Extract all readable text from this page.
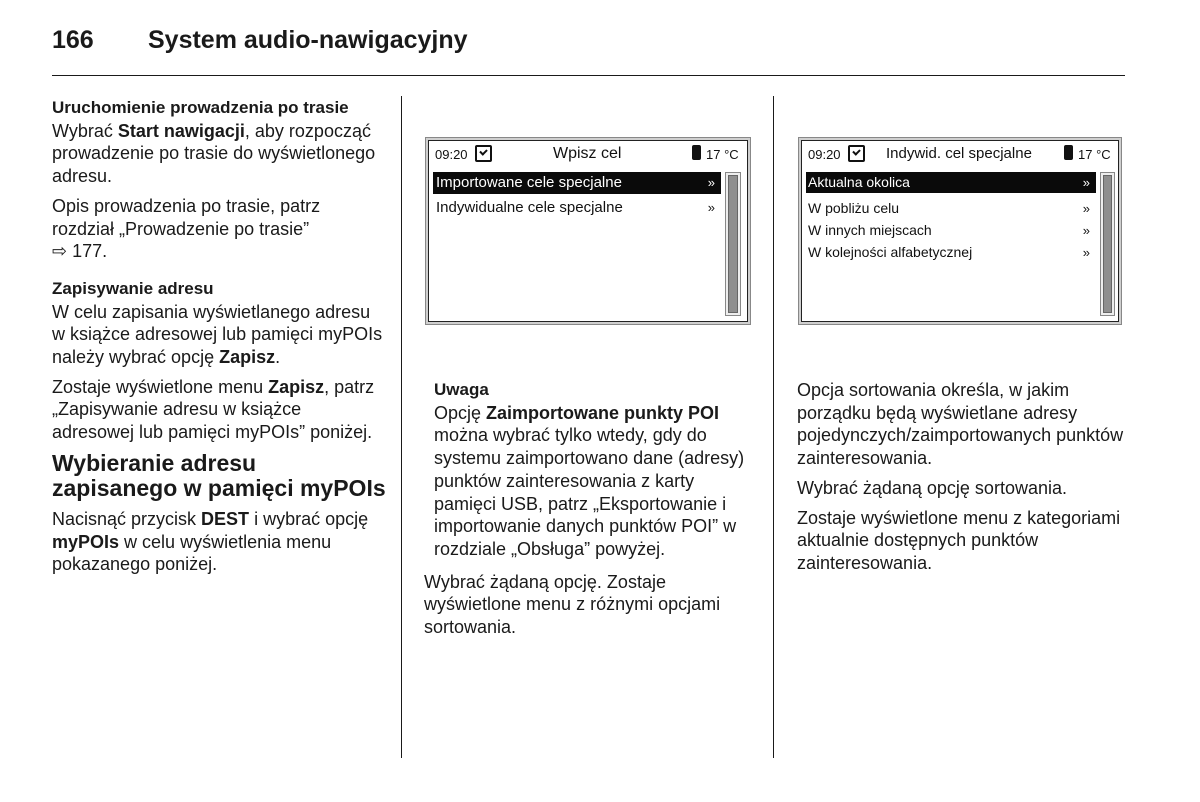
166 System audio-nawigacyjny

Uruchomienie prowadzenia po trasie

Wybrać Start nawigacji, aby rozpocząć prowadzenie po trasie do wyświetlonego adresu.

Opis prowadzenia po trasie, patrz rozdział „Prowadzenie po trasie”
⇨ 177.

Zapisywanie adresu

W celu zapisania wyświetlanego adresu w książce adresowej lub pamięci myPOIs należy wybrać opcję Zapisz.

Zostaje wyświetlone menu Zapisz, patrz „Zapisywanie adresu w książce adresowej lub pamięci myPOIs” poniżej.

Wybieranie adresu zapisanego w pamięci myPOIs

Nacisnąć przycisk DEST i wybrać opcję myPOIs w celu wyświetlenia menu pokazanego poniżej.

09:20	Wpisz cel	17 °C
Importowane cele specjalne	»
Indywidualne cele specjalne	»

Uwaga

Opcję Zaimportowane punkty POI można wybrać tylko wtedy, gdy do systemu zaimportowano dane (adresy) punktów zainteresowania z karty pamięci USB, patrz „Eksportowanie i importowanie danych punktów POI” w rozdziale „Obsługa” powyżej.

Wybrać żądaną opcję. Zostaje wyświetlone menu z różnymi opcjami sortowania.

09:20	Indywid. cel specjalne	17 °C
Aktualna okolica	»
W pobliżu celu	»
W innych miejscach	»
W kolejności alfabetycznej	»

Opcja sortowania określa, w jakim porządku będą wyświetlane adresy pojedynczych/zaimportowanych punktów zainteresowania.

Wybrać żądaną opcję sortowania.

Zostaje wyświetlone menu z kategoriami aktualnie dostępnych punktów zainteresowania.
